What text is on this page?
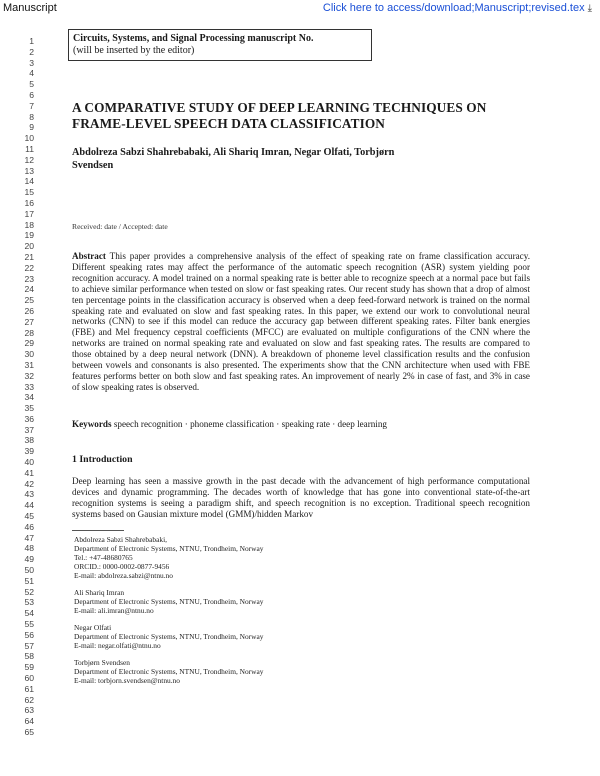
Manuscript	Click here to access/download;Manuscript;revised.tex ⤓
1
2
3
4
5
6
7
8
9
10
11
12
13
14
15
16
17
18
19
20
21
22
23
24
25
26
27
28
29
30
31
32
33
34
35
36
37
38
39
40
41
42
43
44
45
46
47
48
49
50
51
52
53
54
55
56
57
58
59
60
61
62
63
64
65
Circuits, Systems, and Signal Processing manuscript No.
(will be inserted by the editor)
A COMPARATIVE STUDY OF DEEP LEARNING TECHNIQUES ON FRAME-LEVEL SPEECH DATA CLASSIFICATION
Abdolreza Sabzi Shahrebabaki, Ali Shariq Imran, Negar Olfati, Torbjørn Svendsen
Received: date / Accepted: date
Abstract This paper provides a comprehensive analysis of the effect of speaking rate on frame classification accuracy. Different speaking rates may affect the performance of the automatic speech recognition (ASR) system yielding poor recognition accuracy. A model trained on a normal speaking rate is better able to recognize speech at a normal pace but fails to achieve similar performance when tested on slow or fast speaking rates. Our recent study has shown that a drop of almost ten percentage points in the classification accuracy is observed when a deep feed-forward network is trained on the normal speaking rate and evaluated on slow and fast speaking rates. In this paper, we extend our work to convolutional neural networks (CNN) to see if this model can reduce the accuracy gap between different speaking rates. Filter bank energies (FBE) and Mel frequency cepstral coefficients (MFCC) are evaluated on multiple configurations of the CNN where the networks are trained on normal speaking rate and evaluated on slow and fast speaking rates. The results are compared to those obtained by a deep neural network (DNN). A breakdown of phoneme level classification results and the confusion between vowels and consonants is also presented. The experiments show that the CNN architecture when used with FBE features performs better on both slow and fast speaking rates. An improvement of nearly 2% in case of fast, and 3% in case of slow speaking rates is observed.
Keywords speech recognition · phoneme classification · speaking rate · deep learning
1 Introduction
Deep learning has seen a massive growth in the past decade with the advancement of high performance computational devices and dynamic programming. The decades worth of knowledge that has gone into conventional state-of-the-art recognition systems is seeing a paradigm shift, and speech recognition is no exception. Traditional speech recognition systems based on Gausian mixture model (GMM)/hidden Markov
Abdolreza Sabzi Shahrebabaki,
Department of Electronic Systems, NTNU, Trondheim, Norway
Tel.: +47-48680765
ORCID.: 0000-0002-0877-9456
E-mail: abdolreza.sabzi@ntnu.no
Ali Shariq Imran
Department of Electronic Systems, NTNU, Trondheim, Norway
E-mail: ali.imran@ntnu.no
Negar Olfati
Department of Electronic Systems, NTNU, Trondheim, Norway
E-mail: negar.olfati@ntnu.no
Torbjørn Svendsen
Department of Electronic Systems, NTNU, Trondheim, Norway
E-mail: torbjorn.svendsen@ntnu.no
